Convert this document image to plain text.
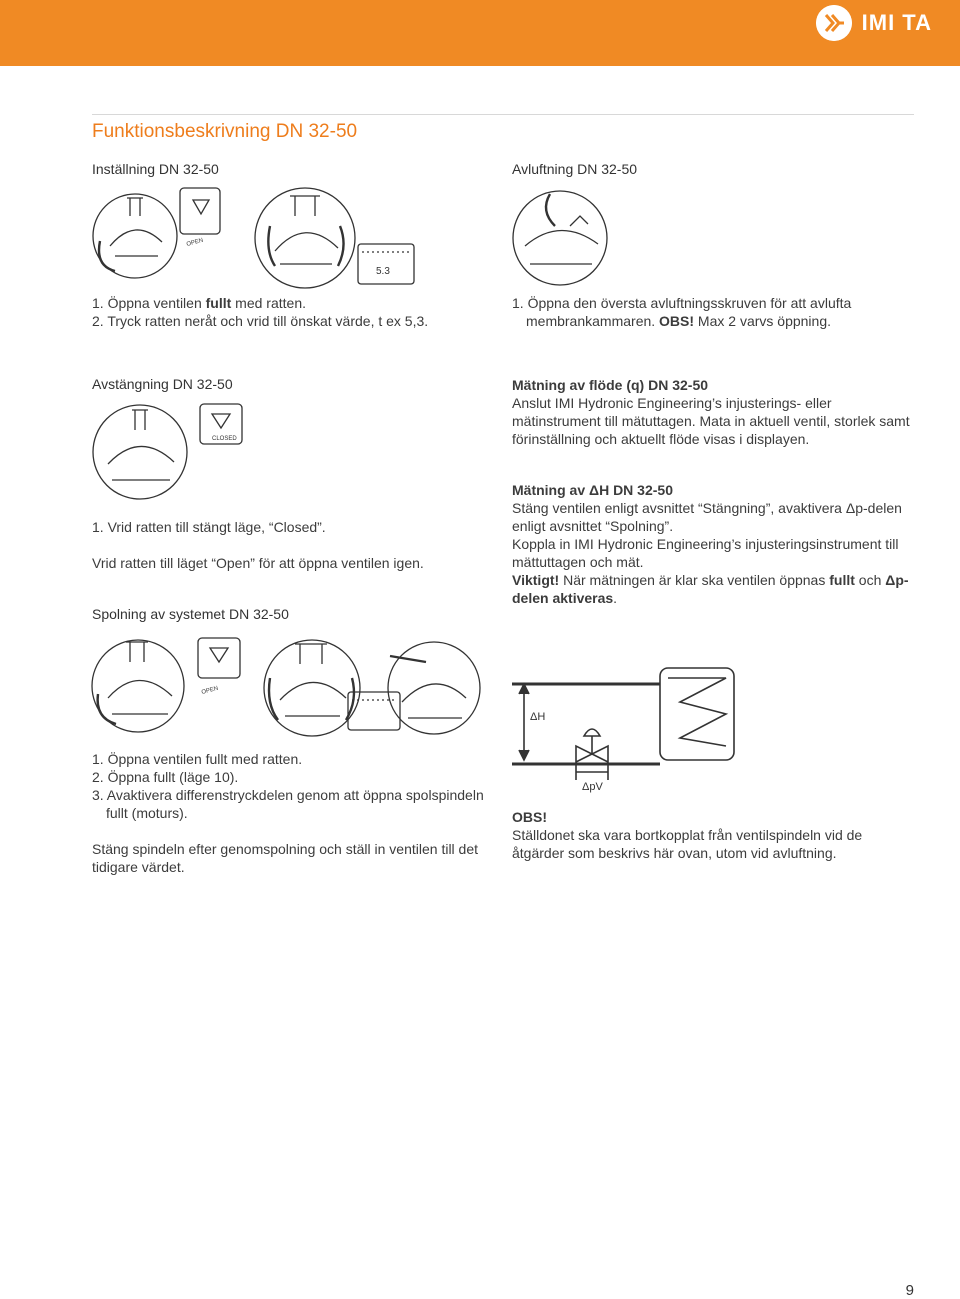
IMI TA
Funktionsbeskrivning DN 32-50
Inställning DN 32-50
OPEN
5.3

1. Öppna ventilen fullt med ratten.

2. Tryck ratten neråt och vrid till önskat värde, t ex 5,3.

Avluftning DN 32-50

1. Öppna den översta avluftningsskruven för att avlufta

membrankammaren. OBS! Max 2 varvs öppning.

Avstängning DN 32-50
CLOSED

1. Vrid ratten till stängt läge, “Closed”.

Vrid ratten till läget “Open” för att öppna ventilen igen.

Mätning av flöde (q) DN 32-50

Anslut IMI Hydronic Engineering’s injusterings- eller

mätinstrument till mätuttagen. Mata in aktuell ventil, storlek samt

förinställning och aktuellt flöde visas i displayen.

Mätning av ΔH DN 32-50

Stäng ventilen enligt avsnittet “Stängning”, avaktivera Δp-delen

enligt avsnittet “Spolning”.

Koppla in IMI Hydronic Engineering’s injusteringsinstrument till

mättuttagen och mät.

Viktigt! När mätningen är klar ska ventilen öppnas fullt och Δp-

delen aktiveras.

Spolning av systemet DN 32-50
OPEN

1. Öppna ventilen fullt med ratten.

2. Öppna fullt (läge 10).

3. Avaktivera differenstryckdelen genom att öppna spolspindeln

fullt (moturs).

Stäng spindeln efter genomspolning och ställ in ventilen till det

tidigare värdet.

ΔH
ΔpV

OBS!

Ställdonet ska vara bortkopplat från ventilspindeln vid de

åtgärder som beskrivs här ovan, utom vid avluftning.

9
